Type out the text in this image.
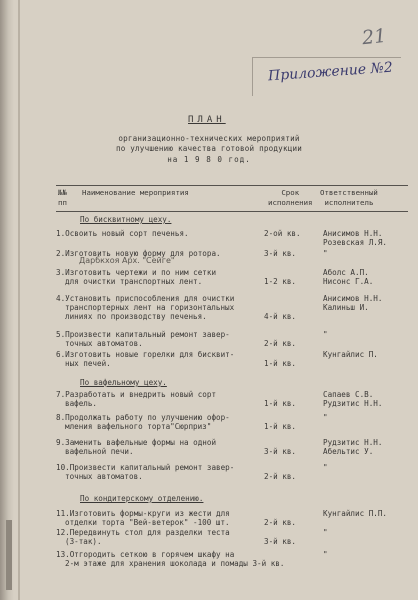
21
Приложение №2
ПЛАН
организационно-технических мероприятий
по улучшению качества готовой продукции
на 1 9 8 0 год.
№№
пп
Наименование мероприятия	Срок
исполнения
Ответственный
исполнитель
По бисквитному цеху.
1.Освоить новый сорт печенья.	2-ой кв.	Анисимов Н.Н.
Розевская Л.Я.
2.Изготовить новую форму для ротора.	3-й кв.	"
3.Изготовить чертежи и по ним сетки
для очистки транспортных лент.	1-2 кв.
Аболс А.П.
Нисонс Г.А.
4.Установить приспособления для очистки
транспортерных лент на горизонтальных
линиях по производству печенья.	4-й кв.
Анисимов Н.Н.
Калиньш И.
5.Произвести капитальный ремонт завер-
точных автоматов.	2-й кв.
"
6.Изготовить новые горелки для бисквит-
ных печей.	1-й кв.
Кунгайлис П.
По вафельному цеху.
7.Разработать и внедрить новый сорт
вафель.	1-й кв.
Сапаев С.В.
Рудзитис Н.Н.
8.Продолжать работу по улучшению офор-
мления вафельного торта"Сюрприз"	1-й кв.
"
9.Заменить вафельные формы на одной
вафельной печи.	3-й кв.
Рудзитис Н.Н.
Абельтис У.
10.Произвести капитальный ремонт завер-
точных автоматов.	2-й кв.
"
По кондитерскому отделению.
11.Изготовить формы-круги из жести для
отделки торта "Вей-ветерок" -100 шт.	2-й кв.
Кунгайлис П.П.
12.Передвинуть стол для разделки теста
(3-так).	3-й кв.
"
13.Отгородить сеткою в горячем шкафу на
2-м этаже для хранения шоколада и помады 3-й кв.
"
Дарбкхоя Арх. "Сейге"
